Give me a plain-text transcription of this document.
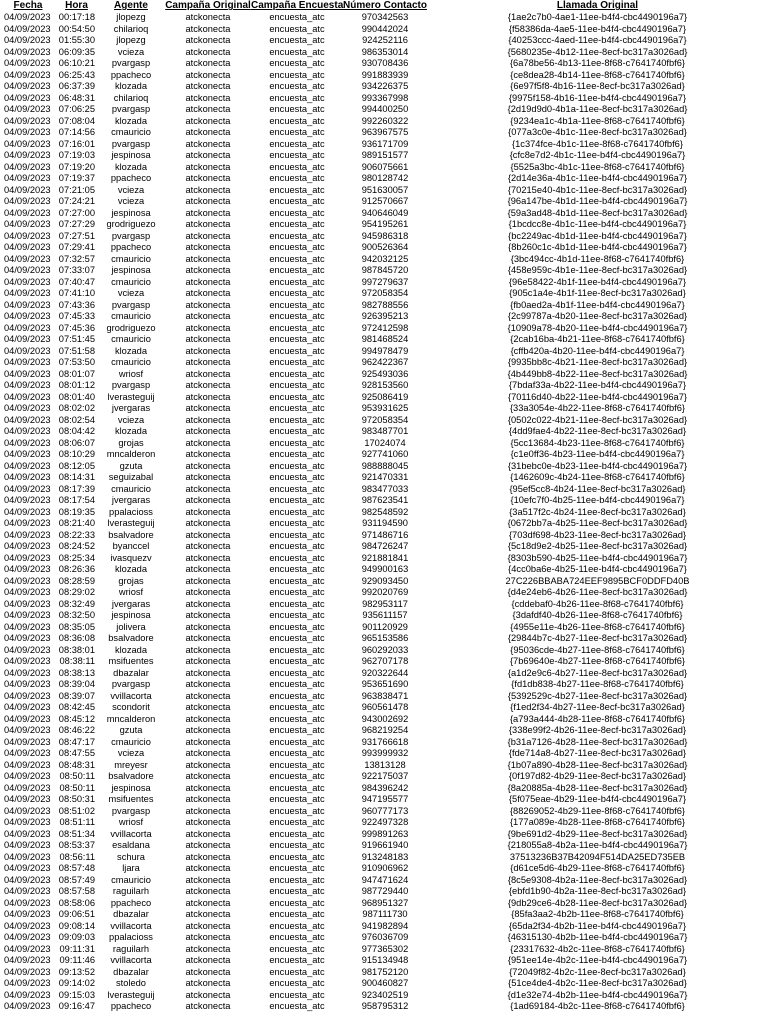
Fecha	Hora	Agente	Campaña Original	Campaña Encuesta	Número Contacto	Llamada Original
04/09/2023	00:17:18	jlopezg	atckonecta	encuesta_atc	970342563	{1ae2c7b0-4ae1-11ee-b4f4-cbc4490196a7}
04/09/2023	00:54:50	chilarioq	atckonecta	encuesta_atc	990442024	{f58386da-4ae5-11ee-b4f4-cbc4490196a7}
04/09/2023	01:55:30	jlopezg	atckonecta	encuesta_atc	924252116	{40253ccc-4aed-11ee-b4f4-cbc4490196a7}
04/09/2023	06:09:35	vcieza	atckonecta	encuesta_atc	986353014	{5680235e-4b12-11ee-8ecf-bc317a3026ad}
04/09/2023	06:10:21	pvargasp	atckonecta	encuesta_atc	930708436	{6a78be56-4b13-11ee-8f68-c7641740fbf6}
04/09/2023	06:25:43	ppacheco	atckonecta	encuesta_atc	991883939	{ce8dea28-4b14-11ee-8f68-c7641740fbf6}
04/09/2023	06:37:39	klozada	atckonecta	encuesta_atc	934226375	{6e97f5f8-4b16-11ee-8ecf-bc317a3026ad}
04/09/2023	06:48:31	chilarioq	atckonecta	encuesta_atc	993367998	{9975f158-4b16-11ee-b4f4-cbc4490196a7}
04/09/2023	07:06:25	pvargasp	atckonecta	encuesta_atc	994400250	{2d19d9d0-4b1a-11ee-8ecf-bc317a3026ad}
04/09/2023	07:08:04	klozada	atckonecta	encuesta_atc	992260322	{9234ea1c-4b1a-11ee-8f68-c7641740fbf6}
04/09/2023	07:14:56	cmauricio	atckonecta	encuesta_atc	963967575	{077a3c0e-4b1c-11ee-8ecf-bc317a3026ad}
04/09/2023	07:16:01	pvargasp	atckonecta	encuesta_atc	936171709	{1c374fce-4b1c-11ee-8f68-c7641740fbf6}
04/09/2023	07:19:03	jespinosa	atckonecta	encuesta_atc	989151577	{cfc8e7d2-4b1c-11ee-b4f4-cbc4490196a7}
04/09/2023	07:19:20	klozada	atckonecta	encuesta_atc	906075661	{5525a3bc-4b1c-11ee-8f68-c7641740fbf6}
04/09/2023	07:19:37	ppacheco	atckonecta	encuesta_atc	980128742	{2d14e36a-4b1c-11ee-b4f4-cbc4490196a7}
04/09/2023	07:21:05	vcieza	atckonecta	encuesta_atc	951630057	{70215e40-4b1c-11ee-8ecf-bc317a3026ad}
04/09/2023	07:24:21	vcieza	atckonecta	encuesta_atc	912570667	{96a147be-4b1d-11ee-b4f4-cbc4490196a7}
04/09/2023	07:27:00	jespinosa	atckonecta	encuesta_atc	940646049	{59a3ad48-4b1d-11ee-8ecf-bc317a3026ad}
04/09/2023	07:27:29	grodriguezo	atckonecta	encuesta_atc	954195261	{1bcdcc8e-4b1c-11ee-b4f4-cbc4490196a7}
04/09/2023	07:27:51	pvargasp	atckonecta	encuesta_atc	945986318	{bc2249ac-4b1d-11ee-b4f4-cbc4490196a7}
04/09/2023	07:29:41	ppacheco	atckonecta	encuesta_atc	900526364	{8b260c1c-4b1d-11ee-b4f4-cbc4490196a7}
04/09/2023	07:32:57	cmauricio	atckonecta	encuesta_atc	942032125	{3bc494cc-4b1d-11ee-8f68-c7641740fbf6}
04/09/2023	07:33:07	jespinosa	atckonecta	encuesta_atc	987845720	{458e959c-4b1e-11ee-8ecf-bc317a3026ad}
04/09/2023	07:40:47	cmauricio	atckonecta	encuesta_atc	997279637	{96e58422-4b1f-11ee-b4f4-cbc4490196a7}
04/09/2023	07:41:10	vcieza	atckonecta	encuesta_atc	972058354	{905c1a4e-4b1f-11ee-8ecf-bc317a3026ad}
04/09/2023	07:43:36	pvargasp	atckonecta	encuesta_atc	982788556	{fb0aed2a-4b1f-11ee-b4f4-cbc4490196a7}
04/09/2023	07:45:33	cmauricio	atckonecta	encuesta_atc	926395213	{2c99787a-4b20-11ee-8ecf-bc317a3026ad}
04/09/2023	07:45:36	grodriguezo	atckonecta	encuesta_atc	972412598	{10909a78-4b20-11ee-b4f4-cbc4490196a7}
04/09/2023	07:51:45	cmauricio	atckonecta	encuesta_atc	981468524	{2cab16ba-4b21-11ee-8f68-c7641740fbf6}
04/09/2023	07:51:58	klozada	atckonecta	encuesta_atc	994978479	{cffb420a-4b20-11ee-b4f4-cbc4490196a7}
04/09/2023	07:53:50	cmauricio	atckonecta	encuesta_atc	962422367	{9935bb8c-4b21-11ee-8ecf-bc317a3026ad}
04/09/2023	08:01:07	wriosf	atckonecta	encuesta_atc	925493036	{4b449bb8-4b22-11ee-8ecf-bc317a3026ad}
04/09/2023	08:01:12	pvargasp	atckonecta	encuesta_atc	928153560	{7bdaf33a-4b22-11ee-b4f4-cbc4490196a7}
04/09/2023	08:01:40	lverasteguij	atckonecta	encuesta_atc	925086419	{70116d40-4b22-11ee-b4f4-cbc4490196a7}
04/09/2023	08:02:02	jvergaras	atckonecta	encuesta_atc	953931625	{33a3054e-4b22-11ee-8f68-c7641740fbf6}
04/09/2023	08:02:54	vcieza	atckonecta	encuesta_atc	972058354	{0502c022-4b21-11ee-8ecf-bc317a3026ad}
04/09/2023	08:04:42	klozada	atckonecta	encuesta_atc	983487701	{4dd9fae4-4b22-11ee-8ecf-bc317a3026ad}
04/09/2023	08:06:07	grojas	atckonecta	encuesta_atc	17024074	{5cc13684-4b23-11ee-8f68-c7641740fbf6}
04/09/2023	08:10:29	mncalderon	atckonecta	encuesta_atc	927741060	{c1e0ff36-4b23-11ee-b4f4-cbc4490196a7}
04/09/2023	08:12:05	gzuta	atckonecta	encuesta_atc	988888045	{31bebc0e-4b23-11ee-b4f4-cbc4490196a7}
04/09/2023	08:14:31	seguizabal	atckonecta	encuesta_atc	921470331	{1462609c-4b24-11ee-8f68-c7641740fbf6}
04/09/2023	08:17:39	cmauricio	atckonecta	encuesta_atc	983477033	{95ef5cc8-4b24-11ee-8ecf-bc317a3026ad}
04/09/2023	08:17:54	jvergaras	atckonecta	encuesta_atc	987623541	{10efc7f0-4b25-11ee-b4f4-cbc4490196a7}
04/09/2023	08:19:35	ppalacioss	atckonecta	encuesta_atc	982548592	{3a517f2c-4b24-11ee-8ecf-bc317a3026ad}
04/09/2023	08:21:40	lverasteguij	atckonecta	encuesta_atc	931194590	{0672bb7a-4b25-11ee-8ecf-bc317a3026ad}
04/09/2023	08:22:33	bsalvadore	atckonecta	encuesta_atc	971486716	{703df698-4b23-11ee-8ecf-bc317a3026ad}
04/09/2023	08:24:52	byanccel	atckonecta	encuesta_atc	984726247	{5c18d9e2-4b25-11ee-8ecf-bc317a3026ad}
04/09/2023	08:25:34	ivasquezv	atckonecta	encuesta_atc	921881841	{8303b590-4b25-11ee-b4f4-cbc4490196a7}
04/09/2023	08:26:36	klozada	atckonecta	encuesta_atc	949900163	{4cc0ba6e-4b25-11ee-b4f4-cbc4490196a7}
04/09/2023	08:28:59	grojas	atckonecta	encuesta_atc	929093450	27C226BBABA724EEF9895BCF0DDFD40B
04/09/2023	08:29:02	wriosf	atckonecta	encuesta_atc	992020769	{d4e24eb6-4b26-11ee-8ecf-bc317a3026ad}
04/09/2023	08:32:49	jvergaras	atckonecta	encuesta_atc	982953117	{cddebaf0-4b26-11ee-8f68-c7641740fbf6}
04/09/2023	08:32:50	jespinosa	atckonecta	encuesta_atc	935611157	{3dafdf40-4b26-11ee-8f68-c7641740fbf6}
04/09/2023	08:35:05	jolivera	atckonecta	encuesta_atc	901120929	{4955e11e-4b26-11ee-8f68-c7641740fbf6}
04/09/2023	08:36:08	bsalvadore	atckonecta	encuesta_atc	965153586	{29844b7c-4b27-11ee-8ecf-bc317a3026ad}
04/09/2023	08:38:01	klozada	atckonecta	encuesta_atc	960292033	{95036cde-4b27-11ee-8f68-c7641740fbf6}
04/09/2023	08:38:11	msifuentes	atckonecta	encuesta_atc	962707178	{7b69640e-4b27-11ee-8f68-c7641740fbf6}
04/09/2023	08:38:13	dbazalar	atckonecta	encuesta_atc	920322644	{a1d2e9c6-4b27-11ee-8ecf-bc317a3026ad}
04/09/2023	08:39:04	pvargasp	atckonecta	encuesta_atc	953651690	{fd1db838-4b27-11ee-8f68-c7641740fbf6}
04/09/2023	08:39:07	vvillacorta	atckonecta	encuesta_atc	963838471	{5392529c-4b27-11ee-8ecf-bc317a3026ad}
04/09/2023	08:42:45	scondorit	atckonecta	encuesta_atc	960561478	{f1ed2f34-4b27-11ee-8ecf-bc317a3026ad}
04/09/2023	08:45:12	mncalderon	atckonecta	encuesta_atc	943002692	{a793a444-4b28-11ee-8f68-c7641740fbf6}
04/09/2023	08:46:22	gzuta	atckonecta	encuesta_atc	968219254	{338e99f2-4b26-11ee-8ecf-bc317a3026ad}
04/09/2023	08:47:17	cmauricio	atckonecta	encuesta_atc	931766618	{b31a7126-4b28-11ee-8ecf-bc317a3026ad}
04/09/2023	08:47:55	vcieza	atckonecta	encuesta_atc	993999932	{fde714a8-4b27-11ee-8ecf-bc317a3026ad}
04/09/2023	08:48:31	mreyesr	atckonecta	encuesta_atc	13813128	{1b07a890-4b28-11ee-8ecf-bc317a3026ad}
04/09/2023	08:50:11	bsalvadore	atckonecta	encuesta_atc	922175037	{0f197d82-4b29-11ee-8ecf-bc317a3026ad}
04/09/2023	08:50:11	jespinosa	atckonecta	encuesta_atc	984396242	{8a20885a-4b28-11ee-8ecf-bc317a3026ad}
04/09/2023	08:50:31	msifuentes	atckonecta	encuesta_atc	947195577	{5f075eae-4b29-11ee-b4f4-cbc4490196a7}
04/09/2023	08:51:02	pvargasp	atckonecta	encuesta_atc	960777173	{88269052-4b29-11ee-8f68-c7641740fbf6}
04/09/2023	08:51:11	wriosf	atckonecta	encuesta_atc	922497328	{177a089e-4b28-11ee-8f68-c7641740fbf6}
04/09/2023	08:51:34	vvillacorta	atckonecta	encuesta_atc	999891263	{9be691d2-4b29-11ee-8ecf-bc317a3026ad}
04/09/2023	08:53:37	esaldana	atckonecta	encuesta_atc	919661940	{218055a8-4b2a-11ee-b4f4-cbc4490196a7}
04/09/2023	08:56:11	schura	atckonecta	encuesta_atc	913248183	37513236B37B42094F514DA25ED735EB
04/09/2023	08:57:48	ljara	atckonecta	encuesta_atc	910906962	{d61ce5d6-4b29-11ee-8f68-c7641740fbf6}
04/09/2023	08:57:49	cmauricio	atckonecta	encuesta_atc	947471624	{8c5e9308-4b2a-11ee-8ecf-bc317a3026ad}
04/09/2023	08:57:58	raguilarh	atckonecta	encuesta_atc	987729440	{ebfd1b90-4b2a-11ee-8ecf-bc317a3026ad}
04/09/2023	08:58:06	ppacheco	atckonecta	encuesta_atc	968951327	{9db29ce6-4b28-11ee-8ecf-bc317a3026ad}
04/09/2023	09:06:51	dbazalar	atckonecta	encuesta_atc	987111730	{85fa3aa2-4b2b-11ee-8f68-c7641740fbf6}
04/09/2023	09:08:14	vvillacorta	atckonecta	encuesta_atc	941982894	{65da2f34-4b2b-11ee-b4f4-cbc4490196a7}
04/09/2023	09:09:03	ppalacioss	atckonecta	encuesta_atc	976036709	{46315130-4b2b-11ee-b4f4-cbc4490196a7}
04/09/2023	09:11:31	raguilarh	atckonecta	encuesta_atc	977365302	{23317632-4b2c-11ee-8f68-c7641740fbf6}
04/09/2023	09:11:46	vvillacorta	atckonecta	encuesta_atc	915134948	{951ee14e-4b2c-11ee-b4f4-cbc4490196a7}
04/09/2023	09:13:52	dbazalar	atckonecta	encuesta_atc	981752120	{72049f82-4b2c-11ee-8ecf-bc317a3026ad}
04/09/2023	09:14:02	stoledo	atckonecta	encuesta_atc	900460827	{51ce4de4-4b2c-11ee-8ecf-bc317a3026ad}
04/09/2023	09:15:03	lverasteguij	atckonecta	encuesta_atc	923402519	{d1e32e74-4b2b-11ee-b4f4-cbc4490196a7}
04/09/2023	09:16:47	ppacheco	atckonecta	encuesta_atc	958795312	{1ad69184-4b2c-11ee-8f68-c7641740fbf6}
